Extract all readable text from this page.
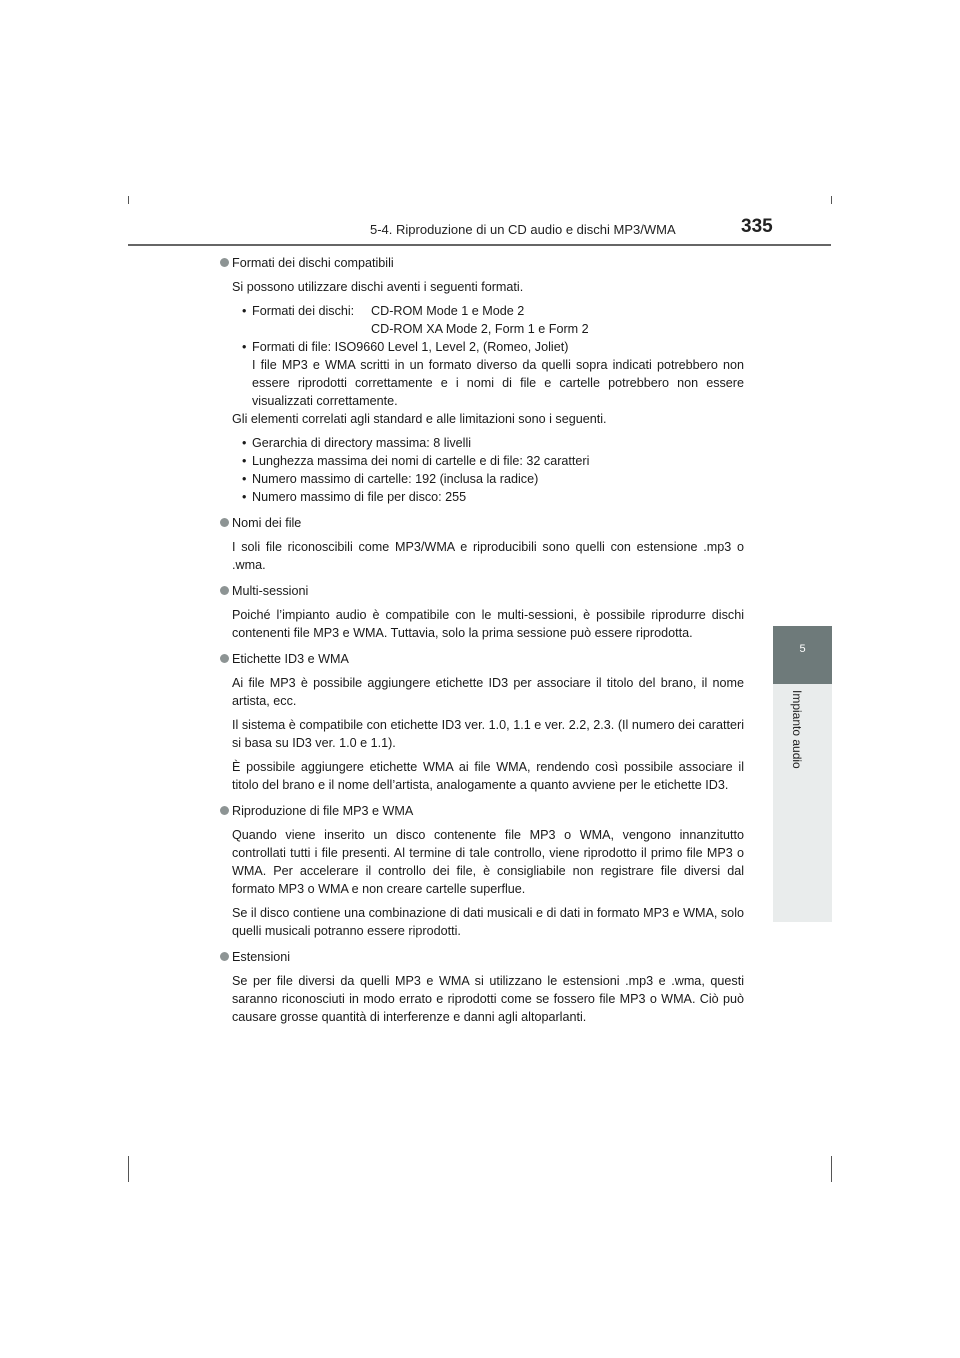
5-4. Riproduzione di un CD audio e dischi MP3/WMA	335
5
Impianto audio
Formati dei dischi compatibili
Si possono utilizzare dischi aventi i seguenti formati.
• Formati dei dischi:	CD-ROM Mode 1 e Mode 2
CD-ROM XA Mode 2, Form 1 e Form 2
• Formati di file: ISO9660 Level 1, Level 2, (Romeo, Joliet)
I file MP3 e WMA scritti in un formato diverso da quelli sopra indicati potrebbero non essere riprodotti correttamente e i nomi di file e cartelle potrebbero non essere visualizzati correttamente.
Gli elementi correlati agli standard e alle limitazioni sono i seguenti.
• Gerarchia di directory massima: 8 livelli
• Lunghezza massima dei nomi di cartelle e di file: 32 caratteri
• Numero massimo di cartelle: 192 (inclusa la radice)
• Numero massimo di file per disco: 255
Nomi dei file
I soli file riconoscibili come MP3/WMA e riproducibili sono quelli con estensione .mp3 o .wma.
Multi-sessioni
Poiché l’impianto audio è compatibile con le multi-sessioni, è possibile riprodurre dischi contenenti file MP3 e WMA. Tuttavia, solo la prima sessione può essere riprodotta.
Etichette ID3 e WMA
Ai file MP3 è possibile aggiungere etichette ID3 per associare il titolo del brano, il nome artista, ecc.
Il sistema è compatibile con etichette ID3 ver. 1.0, 1.1 e ver. 2.2, 2.3. (Il numero dei caratteri si basa su ID3 ver. 1.0 e 1.1).
È possibile aggiungere etichette WMA ai file WMA, rendendo così possibile associare il titolo del brano e il nome dell’artista, analogamente a quanto avviene per le etichette ID3.
Riproduzione di file MP3 e WMA
Quando viene inserito un disco contenente file MP3 o WMA, vengono innanzitutto controllati tutti i file presenti. Al termine di tale controllo, viene riprodotto il primo file MP3 o WMA. Per accelerare il controllo dei file, è consigliabile non registrare file diversi dal formato MP3 o WMA e non creare cartelle superflue.
Se il disco contiene una combinazione di dati musicali e di dati in formato MP3 e WMA, solo quelli musicali potranno essere riprodotti.
Estensioni
Se per file diversi da quelli MP3 e WMA si utilizzano le estensioni .mp3 e .wma, questi saranno riconosciuti in modo errato e riprodotti come se fossero file MP3 o WMA. Ciò può causare grosse quantità di interferenze e danni agli altoparlanti.
